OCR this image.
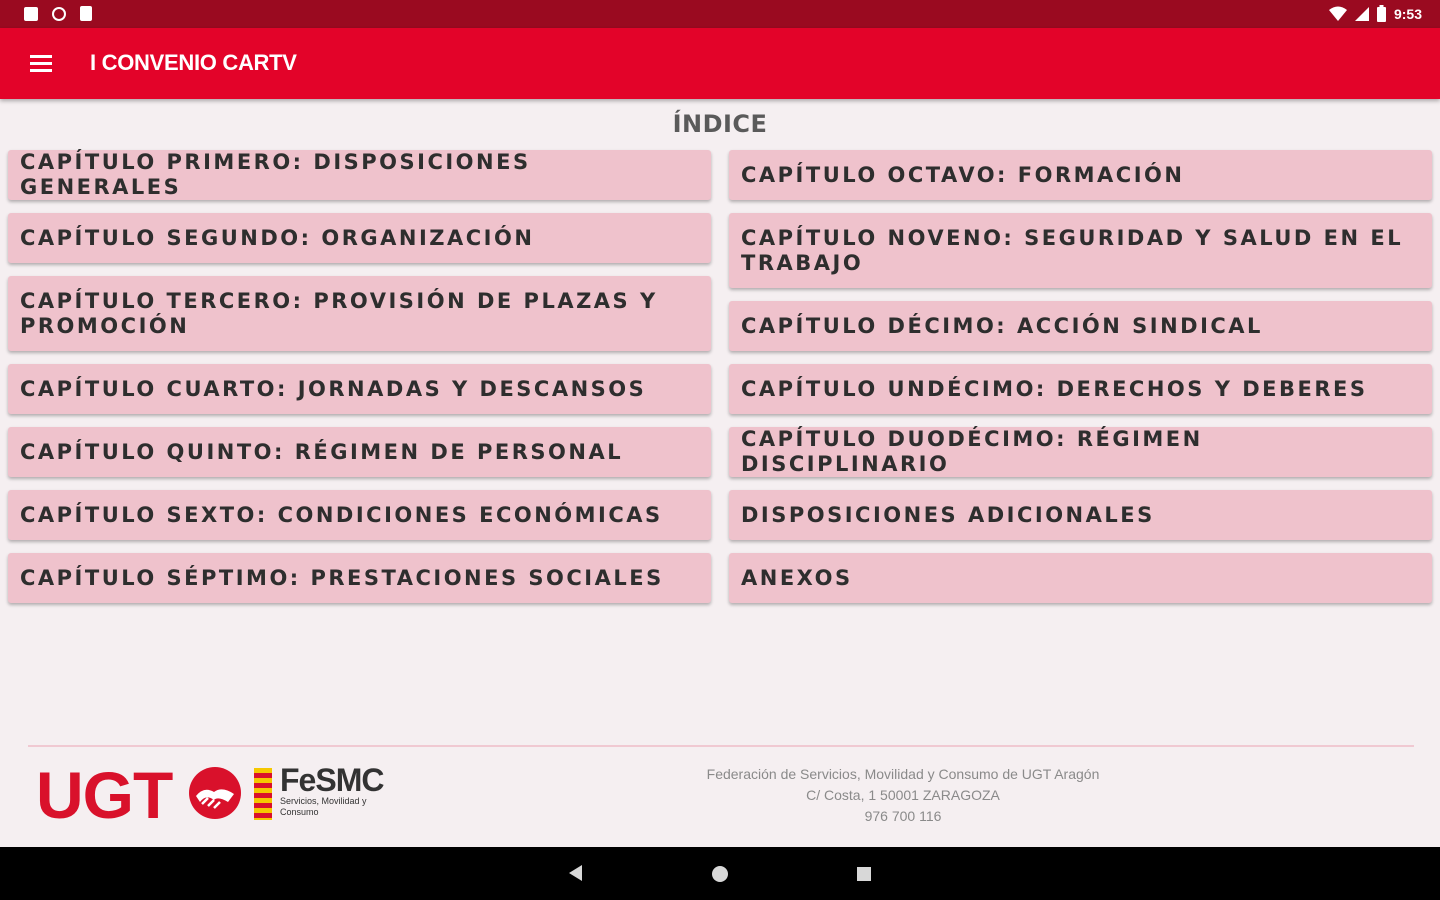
9:53
I CONVENIO CARTV
ÍNDICE
CAPÍTULO PRIMERO: DISPOSICIONES GENERALES
CAPÍTULO SEGUNDO: ORGANIZACIÓN
CAPÍTULO TERCERO: PROVISIÓN DE PLAZAS Y PROMOCIÓN
CAPÍTULO CUARTO: JORNADAS Y DESCANSOS
CAPÍTULO QUINTO: RÉGIMEN DE PERSONAL
CAPÍTULO SEXTO: CONDICIONES ECONÓMICAS
CAPÍTULO SÉPTIMO: PRESTACIONES SOCIALES
CAPÍTULO OCTAVO: FORMACIÓN
CAPÍTULO NOVENO: SEGURIDAD Y SALUD EN EL TRABAJO
CAPÍTULO DÉCIMO: ACCIÓN SINDICAL
CAPÍTULO UNDÉCIMO: DERECHOS Y DEBERES
CAPÍTULO DUODÉCIMO: RÉGIMEN DISCIPLINARIO
DISPOSICIONES ADICIONALES
ANEXOS
UGT	FeSMC
Servicios, Movilidad y Consumo
Federación de Servicios, Movilidad y Consumo de UGT Aragón
C/ Costa, 1 50001 ZARAGOZA
976 700 116
